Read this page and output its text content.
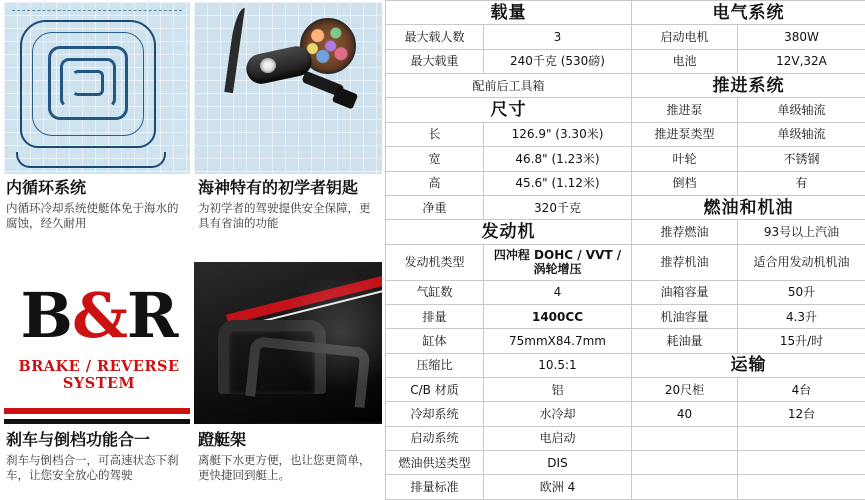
内循环系统
内循环冷却系统使艇体免于海水的腐蚀，经久耐用
海神特有的初学者钥匙
为初学者的驾驶提供安全保障，更具有省油的功能
B&R
BRAKE / REVERSE SYSTEM
刹车与倒档功能合一
刹车与倒档合一，可高速状态下刹车，让您安全放心的驾驶
蹬艇架
离艇下水更方便，也让您更简单，更快捷回到艇上。
载量		电气系统	
最大载人数	3	启动电机	380W
最大载重	240千克 (530磅)	电池	12V,32A
配前后工具箱		推进系统	
尺寸		推进泵	单级轴流
长	126.9" (3.30米)	推进泵类型	单级轴流
宽	46.8" (1.23米)	叶轮	不锈钢
高	45.6" (1.12米)	倒档	有
净重	320千克	燃油和机油	
发动机		推荐燃油	93号以上汽油
发动机类型	四冲程 DOHC / VVT / 涡轮增压	推荐机油	适合用发动机机油
气缸数	4	油箱容量	50升
排量	1400CC	机油容量	4.3升
缸体	75mmX84.7mm	耗油量	15升/时
压缩比	10.5:1	运输	
C/B 材质	铝	20尺柜	4台
冷却系统	水冷却	40	12台
启动系统	电启动		
燃油供送类型	DIS		
排量标准	欧洲 4		
